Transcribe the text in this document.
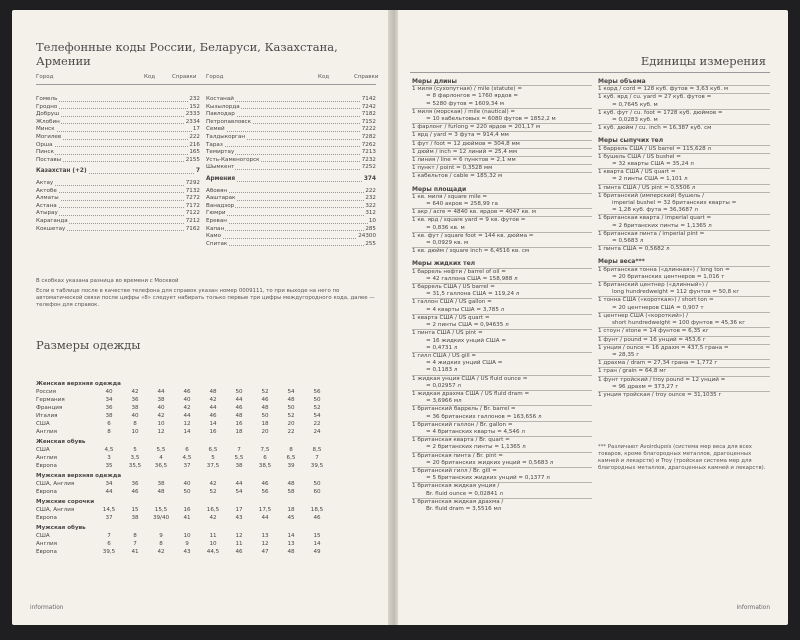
Телефонные коды России, Беларуси, Казахстана, Армении
Город	Код	Справки Город	Код	Справки
Гомель	232
Гродно	152
Добруш	2333
Жлобин	2334
Минск	17
Могилев	222
Орша	216
Пинск	165
Поставы	2155
Казахстан (+2)	7
Актау	7292
Актобе	7132
Алматы	7272
Астана	7172
Атырау	7122
Караганда	7212
Кокшетау	7162
Костанай	7142
Кызылорда	7242
Павлодар	7182
Петропавловск	7152
Семей	7222
Талдыкорган	7282
Тараз	7262
Темиртау	7213
Усть-Каменогорск	7232
Шымкент	7252
Армения	374
Абовян	222
Ааштарак	232
Ванадзор	322
Гюмри	312
Ереван	10
Капан	285
Камо	24300
Спитак	255
В скобках указана разница во времени с Москвой
Если в таблице после в качестве телефона для справок указан номер 0009111, то при выходе на него по автоматической связи после цифры «8» следует набирать только первые три цифры междугородного кода, далее — телефон для справок.
Размеры одежды
Женская верхняя одежда									
Россия	40	42	44	46	48	50	52	54	56
Германия	34	36	38	40	42	44	46	48	50
Франция	36	38	40	42	44	46	48	50	52
Италия	38	40	42	44	46	48	50	52	54
США	6	8	10	12	14	16	18	20	22
Англия	8	10	12	14	16	18	20	22	24
Женская обувь									
США	4,5	5	5,5	6	6,5	7	7,5	8	8,5
Англия	3	3,5	4	4,5	5	5,5	6	6,5	7
Европа	35	35,5	36,5	37	37,5	38	38,5	39	39,5
Мужская верхняя одежда									
США, Англия	34	36	38	40	42	44	46	48	50
Европа	44	46	48	50	52	54	56	58	60
Мужские сорочки									
США, Англия	14,5	15	15,5	16	16,5	17	17,5	18	18,5
Европа	37	38	39/40	41	42	43	44	45	46
Мужская обувь									
США	7	8	9	10	11	12	13	14	15
Англия	6	7	8	9	10	11	12	13	14
Европа	39,5	41	42	43	44,5	46	47	48	49
information
Единицы измерения
Меры длины
1 миля (сухопутная) / mile (statute) =
= 8 фарлонгов = 1760 ярдов =
= 5280 футов = 1609,34 м
1 миля (морская) / mile (nautical) =
= 10 кабельтовых = 6080 футов = 1852,2 м
1 фарлонг / furlong = 220 ярдов = 201,17 м
1 ярд / yard = 3 фута = 914,4 мм
1 фут / foot = 12 дюймов = 304,8 мм
1 дюйм / inch = 12 линий = 25,4 мм
1 линия / line = 6 пунктов = 2,1 мм
1 пункт / point = 0,3528 мм
1 кабельтов / cable = 185,32 м
Меры площади
1 кв. миля / square mile =
= 640 акров = 258,99 га
1 акр / acre = 4840 кв. ярдов = 4047 кв. м
1 кв. ярд / square yard = 9 кв. футов =
= 0,836 кв. м
1 кв. фут / square foot = 144 кв. дюйма =
= 0,0929 кв. м
1 кв. дюйм / square inch = 6,4516 кв. см
Меры жидких тел
1 баррель нефти / barrel of oil =
= 42 галлона США = 158,988 л
1 баррель США / US barrel =
= 31,5 галлона США = 119,24 л
1 галлон США / US gallon =
= 4 кварты США = 3,785 л
1 кварта США / US quart =
= 2 пинты США = 0,94635 л
1 пинта США / US pint =
= 16 жидких унций США =
= 0,4731 л
1 гилл США / US gill =
= 4 жидких унций США =
= 0,1183 л
1 жидкая унция США / US fluid ounce =
= 0,02957 л
1 жидкая драхма США / US fluid dram =
= 3,6966 мл
1 британский баррель / Br. barrel =
= 36 британских галлонов = 163,656 л
1 британский галлон / Br. gallon =
= 4 британских кварты = 4,546 л
1 британская кварта / Br. quart =
= 2 британских пинты = 1,1365 л
1 британская пинта / Br. pint =
= 20 британских жидких унций = 0,5683 л
1 британский гилл / Br. gill =
= 5 британских жидких унций = 0,1377 л
1 британская жидкая унция /
Br. fluid ounce = 0,02841 л
1 британская жидкая драхма /
Br. fluid dram = 3,5516 мл
Меры объема
1 корд / cord = 128 куб. футов = 3,63 куб. м
1 куб. ярд / cu. yard = 27 куб. футов =
= 0,7645 куб. м
1 куб. фут / cu. foot = 1728 куб. дюймов =
= 0,0283 куб. м
1 куб. дюйм / cu. inch = 16,387 куб. см
Меры сыпучих тел
1 баррель США / US barrel = 115,628 л
1 бушель США / US bushel =
= 32 кварты США = 35,24 л
1 кварта США / US quart =
= 2 пинты США = 1,101 л
1 пинта США / US pint = 0,5506 л
1 британский (имперский) бушель /
imperial bushel = 32 британских кварты =
= 1,28 куб. фута = 36,3687 л
1 британская кварта / imperial quart =
= 2 британских пинты = 1,1365 л
1 британская пинта / imperial pint =
= 0,5683 л
1 пинта США = 0,5682 л
Меры веса***
1 британская тонна («длинная») / long ton =
= 20 британских центнеров = 1,016 т
1 британский центнер («длинный») /
long hundredweight = 112 фунтов = 50,8 кг
1 тонна США («короткая») / short ton =
= 20 центнеров США = 0,907 т
1 центнер США («короткий») /
short hundredweight = 100 фунтов = 45,36 кг
1 стоун / stone = 14 фунтов = 6,35 кг
1 фунт / pound = 16 унций = 453,6 г
1 унция / ounce = 16 драхм = 437,5 грана =
= 28,35 г
1 драхма / dram = 27,34 грана = 1,772 г
1 гран / grain = 64,8 мг
1 фунт тройский / troy pound = 12 унций =
= 96 драхм = 373,27 г
1 унция тройская / troy ounce = 31,1035 г
*** Различают Avoirdupois (система мер веса для всех товаров, кроме благородных металлов, драгоценных камней и лекарств) и Troy (тройская система мер для благородных металлов, драгоценных камней и лекарств).
information
